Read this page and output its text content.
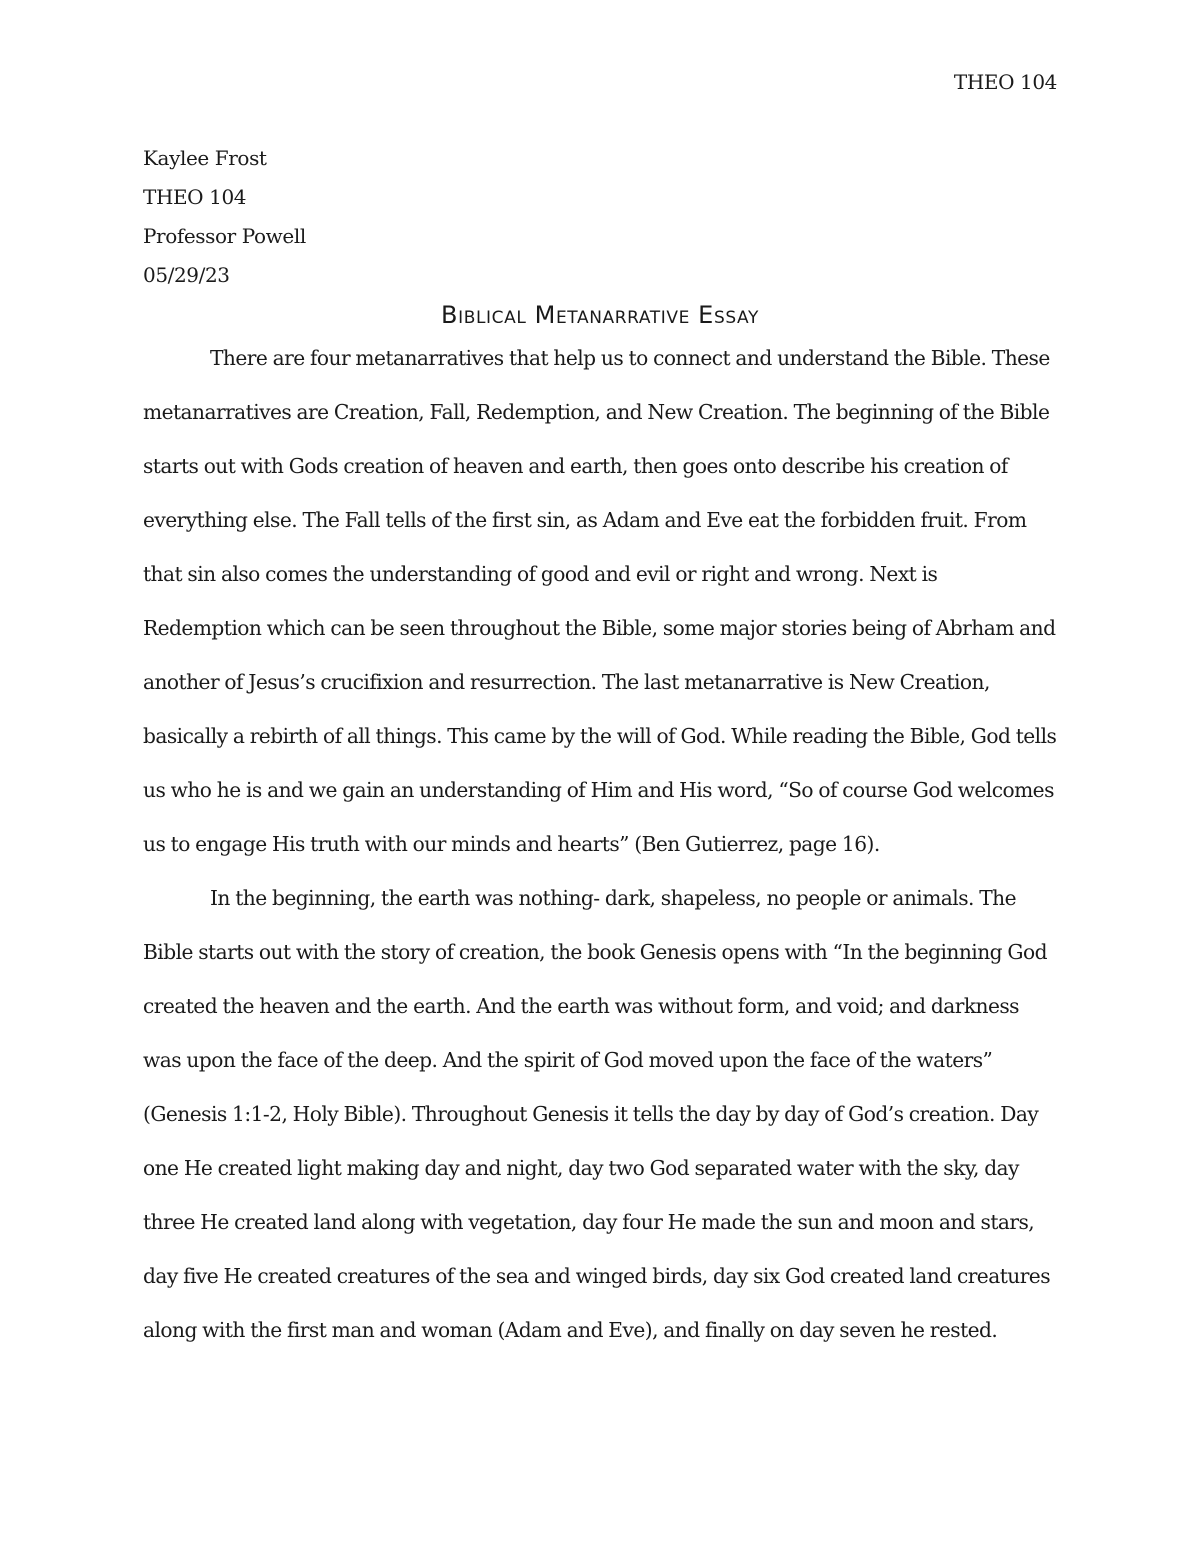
THEO 104
Kaylee Frost
THEO 104
Professor Powell
05/29/23
Biblical Metanarrative Essay

There are four metanarratives that help us to connect and understand the Bible. These metanarratives are Creation, Fall, Redemption, and New Creation. The beginning of the Bible starts out with Gods creation of heaven and earth, then goes onto describe his creation of everything else. The Fall tells of the first sin, as Adam and Eve eat the forbidden fruit. From that sin also comes the understanding of good and evil or right and wrong. Next is Redemption which can be seen throughout the Bible, some major stories being of Abrham and another of Jesus’s crucifixion and resurrection. The last metanarrative is New Creation, basically a rebirth of all things. This came by the will of God. While reading the Bible, God tells us who he is and we gain an understanding of Him and His word, “So of course God welcomes us to engage His truth with our minds and hearts” (Ben Gutierrez, page 16).

In the beginning, the earth was nothing- dark, shapeless, no people or animals. The Bible starts out with the story of creation, the book Genesis opens with “In the beginning God created the heaven and the earth. And the earth was without form, and void; and darkness was upon the face of the deep. And the spirit of God moved upon the face of the waters” (Genesis 1:1-2, Holy Bible). Throughout Genesis it tells the day by day of God’s creation. Day one He created light making day and night, day two God separated water with the sky, day three He created land along with vegetation, day four He made the sun and moon and stars, day five He created creatures of the sea and winged birds, day six God created land creatures along with the first man and woman (Adam and Eve), and finally on day seven he rested.
